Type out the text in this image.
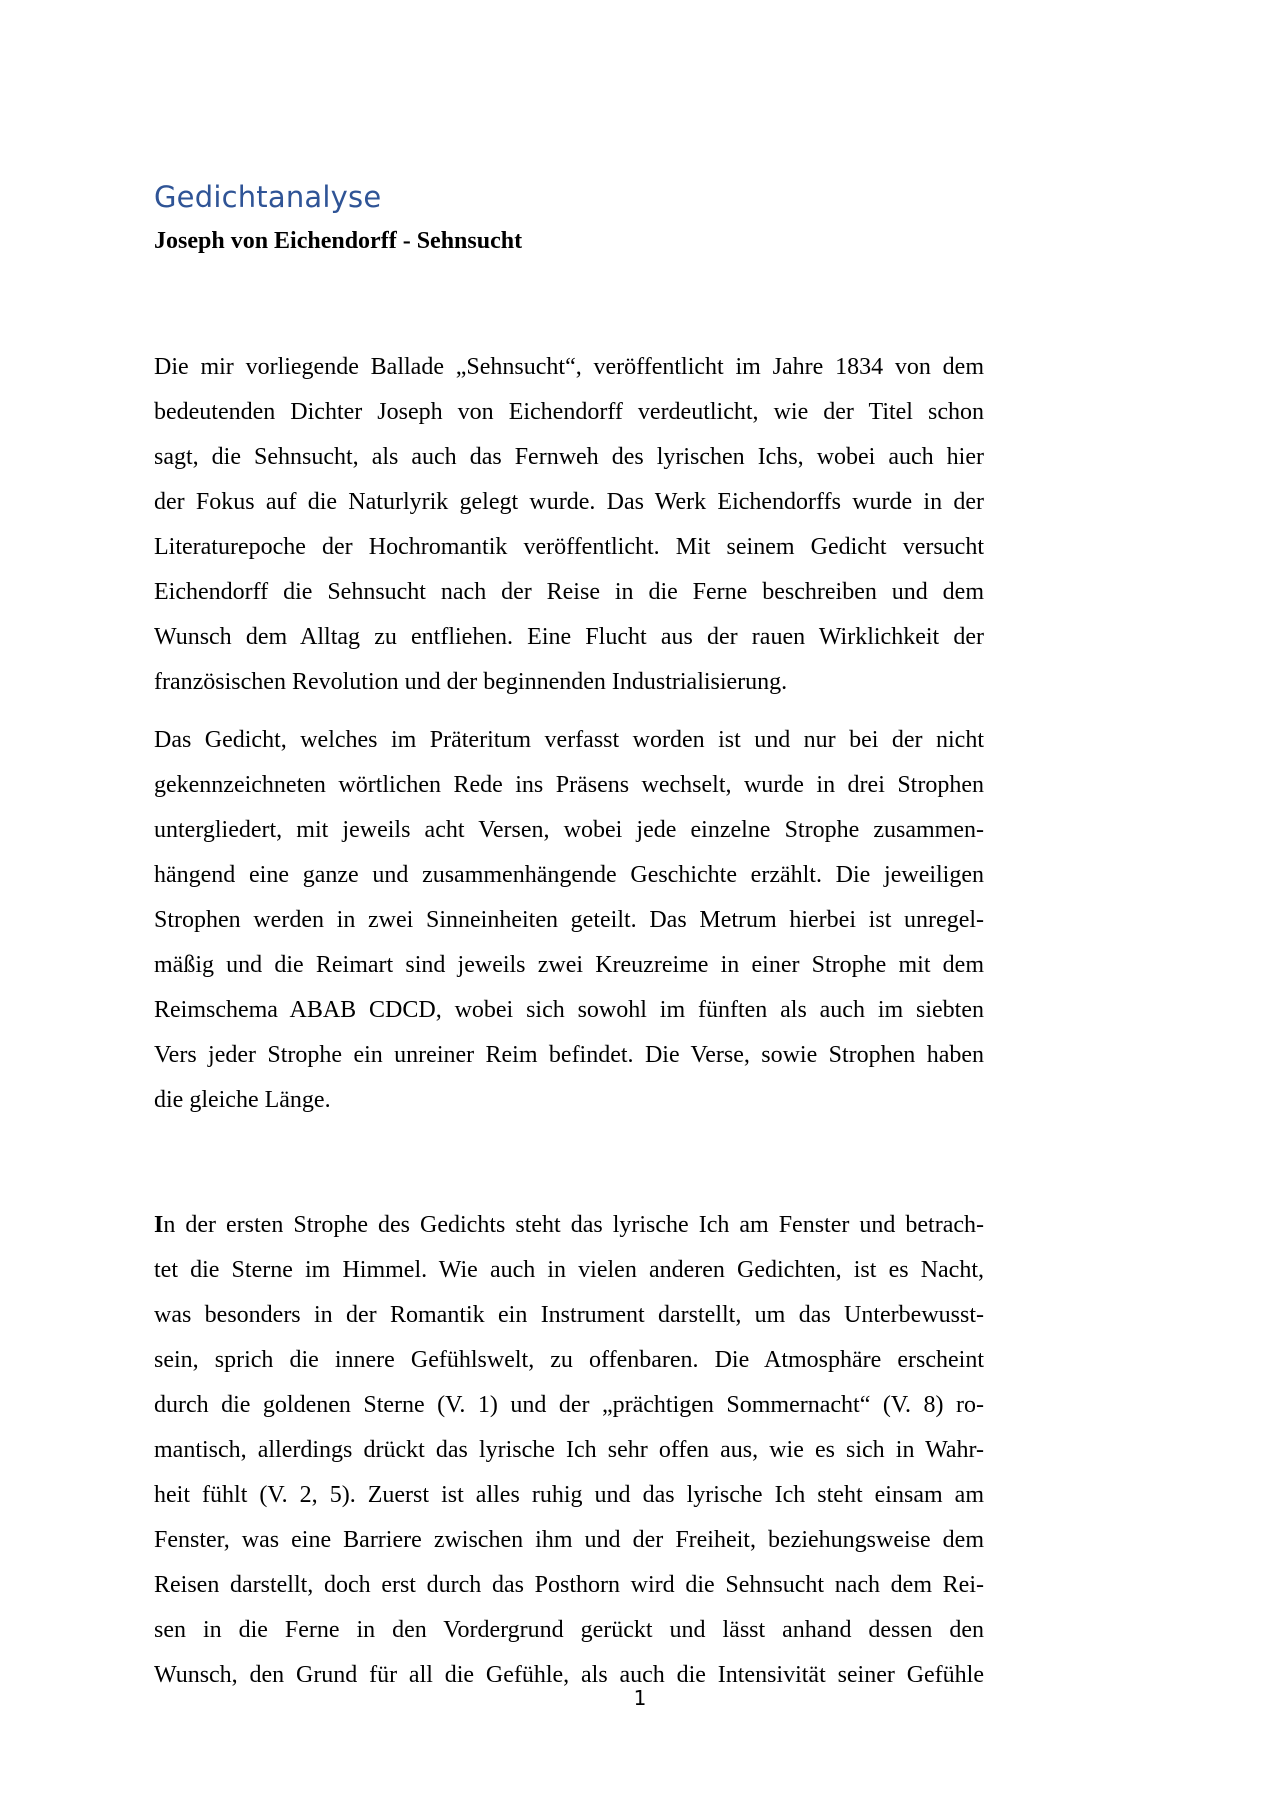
Gedichtanalyse
Joseph von Eichendorff - Sehnsucht
Die mir vorliegende Ballade „Sehnsucht“, veröffentlicht im Jahre 1834 von dem
bedeutenden Dichter Joseph von Eichendorff verdeutlicht, wie der Titel schon
sagt, die Sehnsucht, als auch das Fernweh des lyrischen Ichs, wobei auch hier
der Fokus auf die Naturlyrik gelegt wurde. Das Werk Eichendorffs wurde in der
Literaturepoche der Hochromantik veröffentlicht. Mit seinem Gedicht versucht
Eichendorff die Sehnsucht nach der Reise in die Ferne beschreiben und dem
Wunsch dem Alltag zu entfliehen. Eine Flucht aus der rauen Wirklichkeit der
französischen Revolution und der beginnenden Industrialisierung.
Das Gedicht, welches im Präteritum verfasst worden ist und nur bei der nicht
gekennzeichneten wörtlichen Rede ins Präsens wechselt, wurde in drei Strophen
untergliedert, mit jeweils acht Versen, wobei jede einzelne Strophe zusammen-
hängend eine ganze und zusammenhängende Geschichte erzählt. Die jeweiligen
Strophen werden in zwei Sinneinheiten geteilt. Das Metrum hierbei ist unregel-
mäßig und die Reimart sind jeweils zwei Kreuzreime in einer Strophe mit dem
Reimschema ABAB CDCD, wobei sich sowohl im fünften als auch im siebten
Vers jeder Strophe ein unreiner Reim befindet. Die Verse, sowie Strophen haben
die gleiche Länge.
In der ersten Strophe des Gedichts steht das lyrische Ich am Fenster und betrach-
tet die Sterne im Himmel. Wie auch in vielen anderen Gedichten, ist es Nacht,
was besonders in der Romantik ein Instrument darstellt, um das Unterbewusst-
sein, sprich die innere Gefühlswelt, zu offenbaren. Die Atmosphäre erscheint
durch die goldenen Sterne (V. 1) und der „prächtigen Sommernacht“ (V. 8) ro-
mantisch, allerdings drückt das lyrische Ich sehr offen aus, wie es sich in Wahr-
heit fühlt (V. 2, 5). Zuerst ist alles ruhig und das lyrische Ich steht einsam am
Fenster, was eine Barriere zwischen ihm und der Freiheit, beziehungsweise dem
Reisen darstellt, doch erst durch das Posthorn wird die Sehnsucht nach dem Rei-
sen in die Ferne in den Vordergrund gerückt und lässt anhand dessen den
Wunsch, den Grund für all die Gefühle, als auch die Intensivität seiner Gefühle
1
